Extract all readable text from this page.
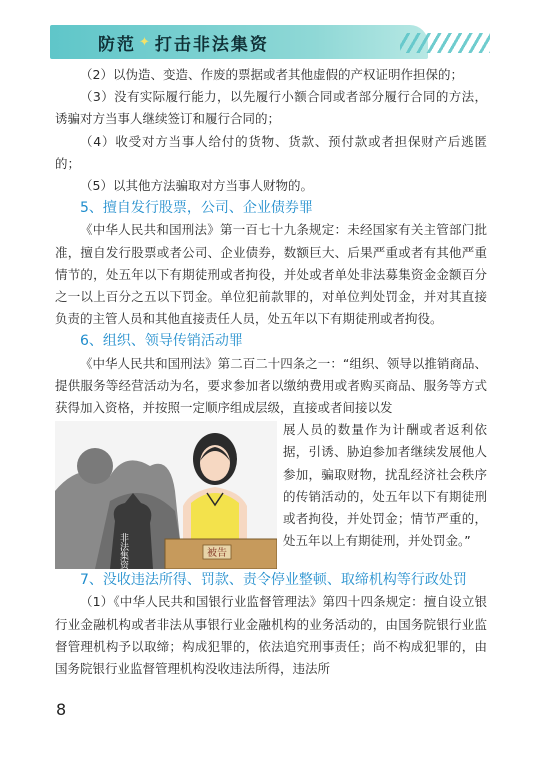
防范 ✦ 打击非法集资

（2）以伪造、变造、作废的票据或者其他虚假的产权证明作担保的；

（3）没有实际履行能力，以先履行小额合同或者部分履行合同的方法，诱骗对方当事人继续签订和履行合同的；

（4）收受对方当事人给付的货物、货款、预付款或者担保财产后逃匿的；

（5）以其他方法骗取对方当事人财物的。

5、擅自发行股票，公司、企业债券罪

《中华人民共和国刑法》第一百七十九条规定：未经国家有关主管部门批准，擅自发行股票或者公司、企业债券，数额巨大、后果严重或者有其他严重情节的，处五年以下有期徒刑或者拘役，并处或者单处非法募集资金金额百分之一以上百分之五以下罚金。单位犯前款罪的，对单位判处罚金，并对其直接负责的主管人员和其他直接责任人员，处五年以下有期徒刑或者拘役。

6、组织、领导传销活动罪

《中华人民共和国刑法》第二百二十四条之一：“组织、领导以推销商品、提供服务等经营活动为名，要求参加者以缴纳费用或者购买商品、服务等方式获得加入资格，并按照一定顺序组成层级，直接或者间接以发

非法集资	被告

展人员的数量作为计酬或者返利依据，引诱、胁迫参加者继续发展他人参加，骗取财物，扰乱经济社会秩序的传销活动的，处五年以下有期徒刑或者拘役，并处罚金；情节严重的，处五年以上有期徒刑，并处罚金。”

7、没收违法所得、罚款、责令停业整顿、取缔机构等行政处罚

（1）《中华人民共和国银行业监督管理法》第四十四条规定：擅自设立银行业金融机构或者非法从事银行业金融机构的业务活动的，由国务院银行业监督管理机构予以取缔；构成犯罪的，依法追究刑事责任；尚不构成犯罪的，由国务院银行业监督管理机构没收违法所得，违法所

8
